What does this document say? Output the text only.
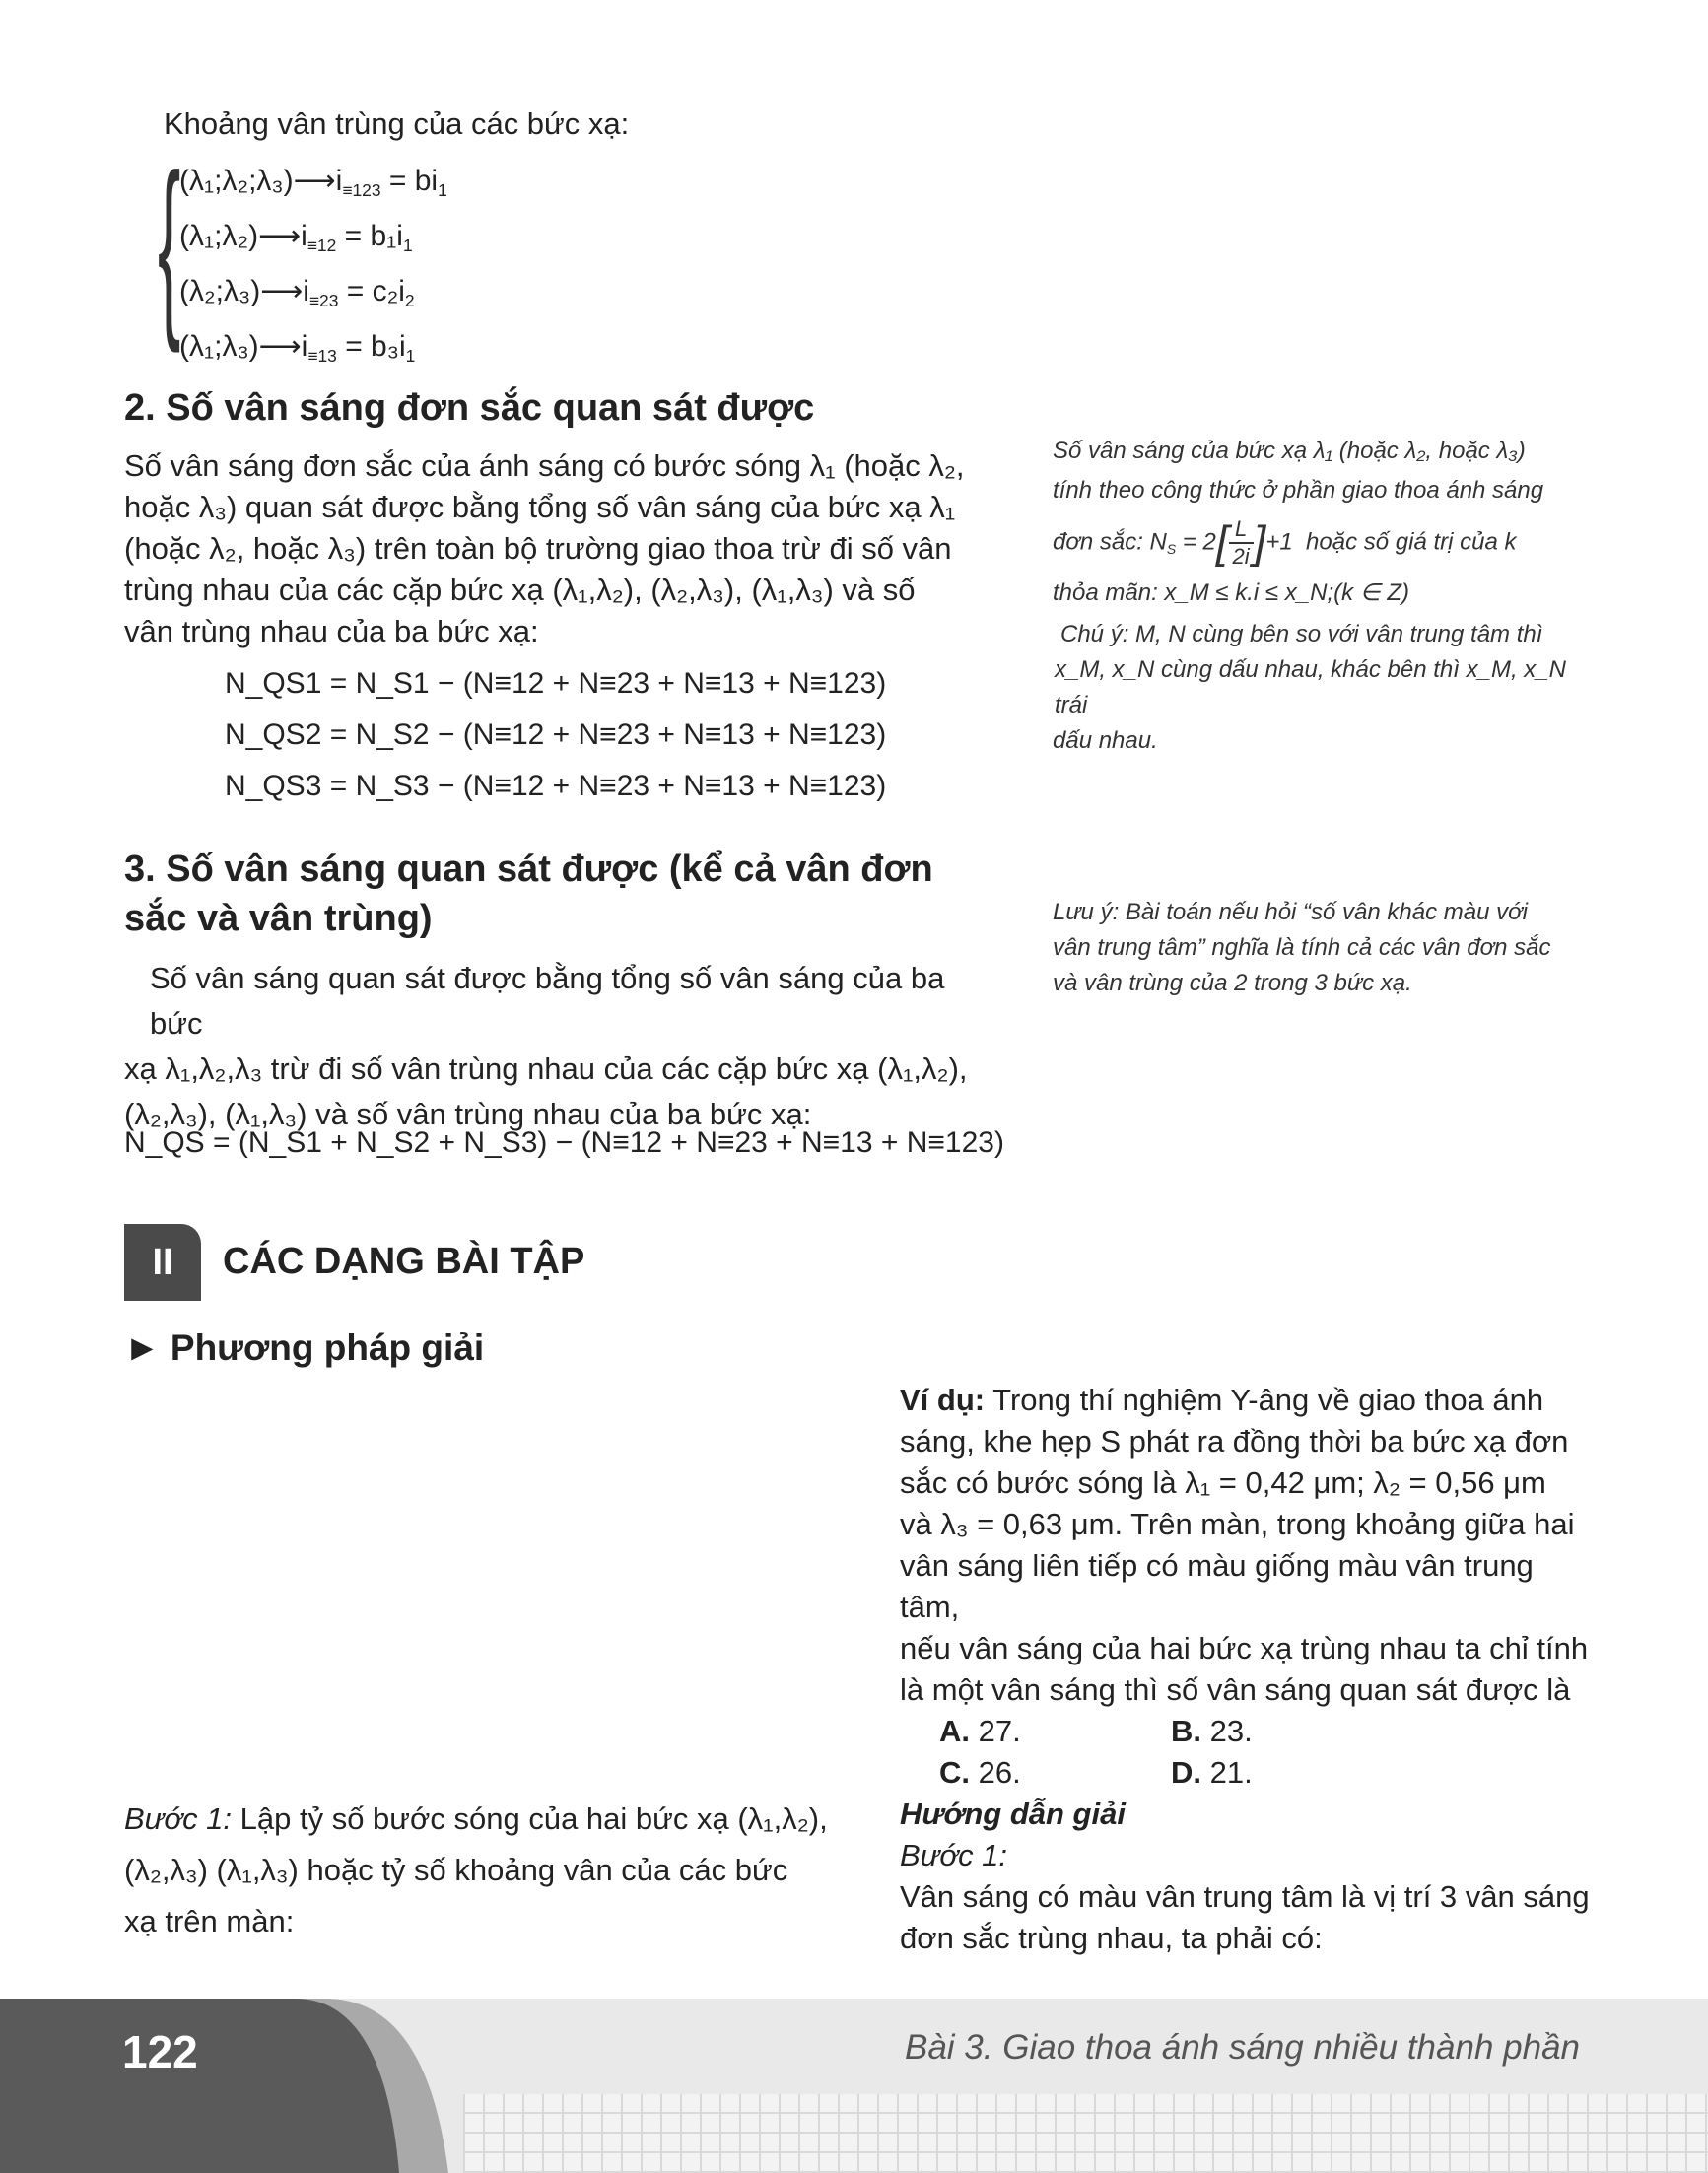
Khoảng vân trùng của các bức xạ:
{
$(\lambda_1;\lambda_2;\lambda_3)⟶i_{\equiv 123} = bi_1$
$(\lambda_1;\lambda_2)⟶i_{\equiv 12} = b_1i_1$
$(\lambda_2;\lambda_3)⟶i_{\equiv 23} = c_2i_2$
$(\lambda_1;\lambda_3)⟶i_{\equiv 13} = b_3i_1$
2. Số vân sáng đơn sắc quan sát được
Số vân sáng đơn sắc của ánh sáng có bước sóng λ₁ (hoặc λ₂,
hoặc λ₃) quan sát được bằng tổng số vân sáng của bức xạ λ₁
(hoặc λ₂, hoặc λ₃) trên toàn bộ trường giao thoa trừ đi số vân
trùng nhau của các cặp bức xạ (λ₁,λ₂), (λ₂,λ₃), (λ₁,λ₃) và số
vân trùng nhau của ba bức xạ:
N_QS1 = N_S1 − (N≡12 + N≡23 + N≡13 + N≡123)
N_QS2 = N_S2 − (N≡12 + N≡23 + N≡13 + N≡123)
N_QS3 = N_S3 − (N≡12 + N≡23 + N≡13 + N≡123)
Số vân sáng của bức xạ λ₁ (hoặc λ₂, hoặc λ₃)
tính theo công thức ở phần giao thoa ánh sáng
đơn sắc: $N_S = 2[ \frac{L}{2i} ]+1$  hoặc số giá trị của k
thỏa mãn: x_M ≤ k.i ≤ x_N;(k ∈ Z)
Chú ý: M, N cùng bên so với vân trung tâm thì
x_M, x_N cùng dấu nhau, khác bên thì x_M, x_N trái
dấu nhau.
3. Số vân sáng quan sát được (kể cả vân đơn
sắc và vân trùng)
Số vân sáng quan sát được bằng tổng số vân sáng của ba bức
xạ λ₁,λ₂,λ₃ trừ đi số vân trùng nhau của các cặp bức xạ (λ₁,λ₂),
(λ₂,λ₃), (λ₁,λ₃) và số vân trùng nhau của ba bức xạ:
N_QS = (N_S1 + N_S2 + N_S3) − (N≡12 + N≡23 + N≡13 + N≡123)
Lưu ý: Bài toán nếu hỏi “số vân khác màu với
vân trung tâm” nghĩa là tính cả các vân đơn sắc
và vân trùng của 2 trong 3 bức xạ.
II	CÁC DẠNG BÀI TẬP
► Phương pháp giải
Ví dụ: Trong thí nghiệm Y-âng về giao thoa ánh
sáng, khe hẹp S phát ra đồng thời ba bức xạ đơn
sắc có bước sóng là λ₁ = 0,42 μm; λ₂ = 0,56 μm
và λ₃ = 0,63 μm. Trên màn, trong khoảng giữa hai
vân sáng liên tiếp có màu giống màu vân trung tâm,
nếu vân sáng của hai bức xạ trùng nhau ta chỉ tính
là một vân sáng thì số vân sáng quan sát được là
A. 27.	B. 23.
C. 26.	D. 21.
Hướng dẫn giải
Bước 1:
Vân sáng có màu vân trung tâm là vị trí 3 vân sáng
đơn sắc trùng nhau, ta phải có:
Bước 1: Lập tỷ số bước sóng của hai bức xạ (λ₁,λ₂),
(λ₂,λ₃) (λ₁,λ₃) hoặc tỷ số khoảng vân của các bức
xạ trên màn:
122	Bài 3. Giao thoa ánh sáng nhiều thành phần
